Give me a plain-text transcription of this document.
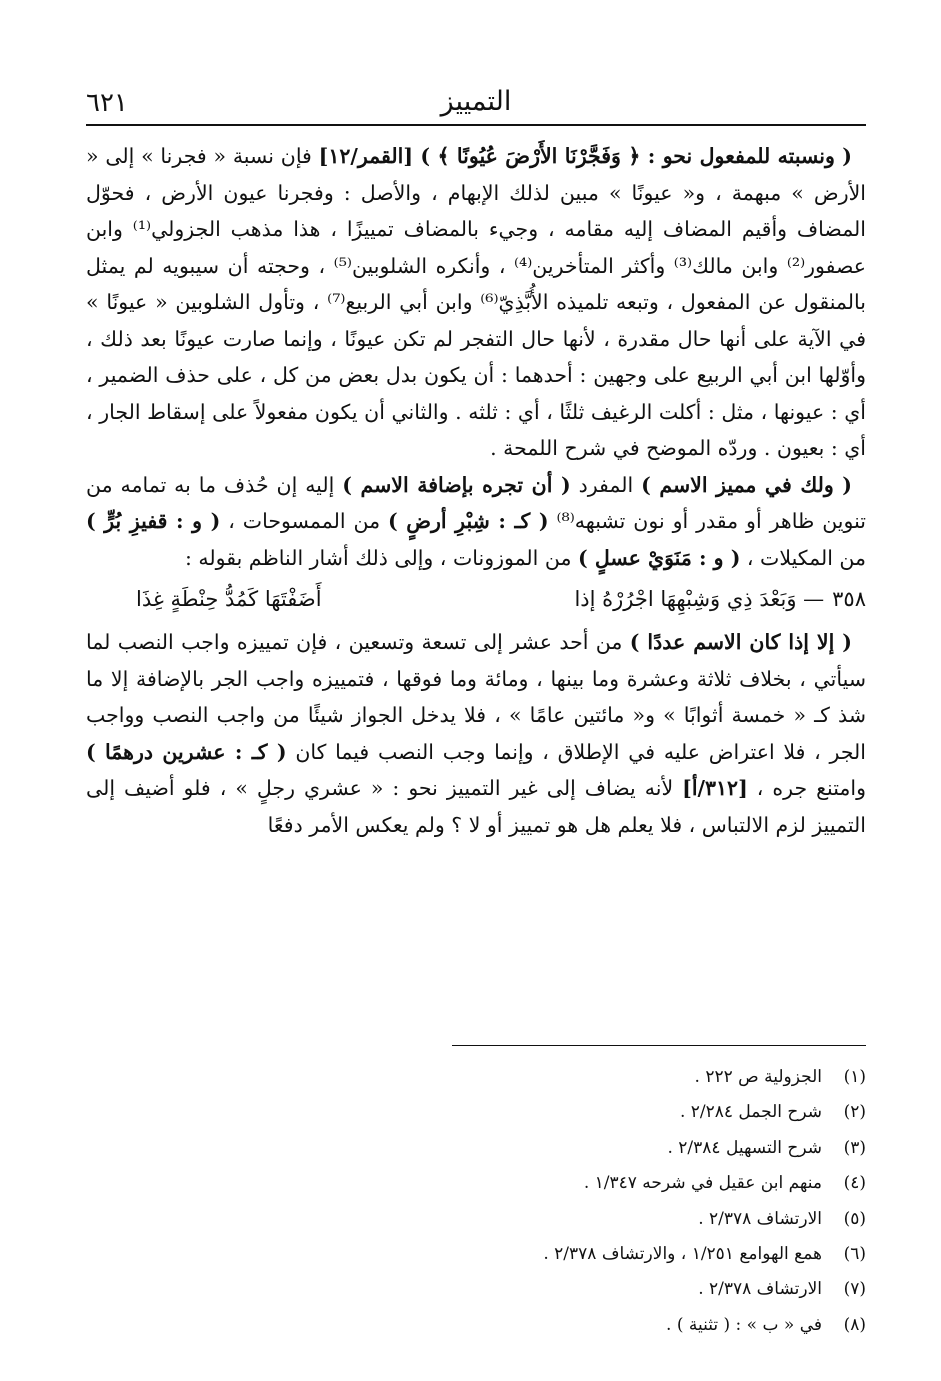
التمييز
٦٢١

( ونسبته للمفعول نحو : ﴿ وَفَجَّرْنَا الأَرْضَ عُيُونًا ﴾ ) [القمر/١٢] فإن نسبة « فجرنا » إلى « الأرض » مبهمة ، و« عيونًا » مبين لذلك الإبهام ، والأصل : وفجرنا عيون الأرض ، فحوّل المضاف وأقيم المضاف إليه مقامه ، وجيء بالمضاف تمييزًا ، هذا مذهب الجزولي⁽¹⁾ وابن عصفور⁽²⁾ وابن مالك⁽³⁾ وأكثر المتأخرين⁽⁴⁾ ، وأنكره الشلوبين⁽⁵⁾ ، وحجته أن سيبويه لم يمثل بالمنقول عن المفعول ، وتبعه تلميذه الأُبَّذِيّ⁽⁶⁾ وابن أبي الربيع⁽⁷⁾ ، وتأول الشلوبين « عيونًا » في الآية على أنها حال مقدرة ، لأنها حال التفجر لم تكن عيونًا ، وإنما صارت عيونًا بعد ذلك ، وأوّلها ابن أبي الربيع على وجهين : أحدهما : أن يكون بدل بعض من كل ، على حذف الضمير ، أي : عيونها ، مثل : أكلت الرغيف ثلثًا ، أي : ثلثه . والثاني أن يكون مفعولاً على إسقاط الجار ، أي : بعيون . وردّه الموضح في شرح اللمحة .

( ولك في مميز الاسم ) المفرد ( أن تجره بإضافة الاسم ) إليه إن حُذف ما به تمامه من تنوين ظاهر أو مقدر أو نون تشبهه⁽⁸⁾ ( كـ : شِبْرِ أرضٍ ) من الممسوحات ، ( و : قفيزِ بُرٍّ ) من المكيلات ، ( و : مَنَوَيْ عسلٍ ) من الموزونات ، وإلى ذلك أشار الناظم بقوله :

٣٥٨— وَبَعْدَ ذِي وَشِبْهِهَا اجْرُرْهُ إذا
أَضَفْتَهَا كَمُدُّ حِنْطَةٍ غِذَا

( إلا إذا كان الاسم عددًا ) من أحد عشر إلى تسعة وتسعين ، فإن تمييزه واجب النصب لما سيأتي ، بخلاف ثلاثة وعشرة وما بينها ، ومائة وما فوقها ، فتمييزه واجب الجر بالإضافة إلا ما شذ كـ « خمسة أثوابًا » و« مائتين عامًا » ، فلا يدخل الجواز شيئًا من واجب النصب وواجب الجر ، فلا اعتراض عليه في الإطلاق ، وإنما وجب النصب فيما كان ( كـ : عشرين درهمًا ) وامتنع جره ، [٣١٢/أ] لأنه يضاف إلى غير التمييز نحو : « عشري رجلٍ » ، فلو أضيف إلى التمييز لزم الالتباس ، فلا يعلم هل هو تمييز أو لا ؟ ولم يعكس الأمر دفعًا

(١)
الجزولية ص ٢٢٢ .
(٢)
شرح الجمل ٢/٢٨٤ .
(٣)
شرح التسهيل ٢/٣٨٤ .
(٤)
منهم ابن عقيل في شرحه ١/٣٤٧ .
(٥)
الارتشاف ٢/٣٧٨ .
(٦)
همع الهوامع ١/٢٥١ ، والارتشاف ٢/٣٧٨ .
(٧)
الارتشاف ٢/٣٧٨ .
(٨)
في « ب » : ( تثنية ) .
